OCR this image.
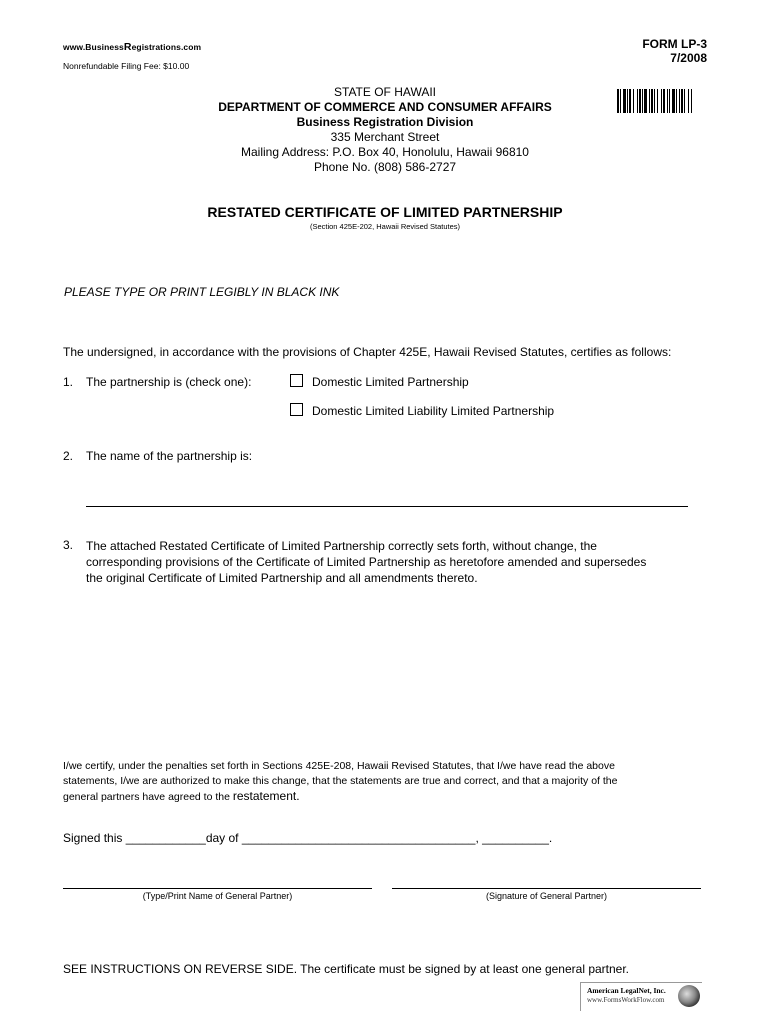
www.BusinessRegistrations.com
Nonrefundable Filing Fee: $10.00
FORM LP-3
7/2008
STATE OF HAWAII
DEPARTMENT OF COMMERCE AND CONSUMER AFFAIRS
Business Registration Division
335 Merchant Street
Mailing Address: P.O. Box 40, Honolulu, Hawaii 96810
Phone No. (808) 586-2727
RESTATED CERTIFICATE OF LIMITED PARTNERSHIP
(Section 425E-202, Hawaii Revised Statutes)
PLEASE TYPE OR PRINT LEGIBLY IN BLACK INK
The undersigned, in accordance with the provisions of Chapter 425E, Hawaii Revised Statutes, certifies as follows:
1. The partnership is (check one):	Domestic Limited Partnership
Domestic Limited Liability Limited Partnership
2. The name of the partnership is:
3. The attached Restated Certificate of Limited Partnership correctly sets forth, without change, the
corresponding provisions of the Certificate of Limited Partnership as heretofore amended and supersedes
the original Certificate of Limited Partnership and all amendments thereto.
I/we certify, under the penalties set forth in Sections 425E-208, Hawaii Revised Statutes, that I/we have read the above
statements, I/we are authorized to make this change, that the statements are true and correct, and that a majority of the
general partners have agreed to the restatement.
Signed this ____________day of ___________________________________, __________.
(Type/Print Name of General Partner)	(Signature of General Partner)
SEE INSTRUCTIONS ON REVERSE SIDE. The certificate must be signed by at least one general partner.
American LegalNet, Inc.
www.FormsWorkFlow.com
